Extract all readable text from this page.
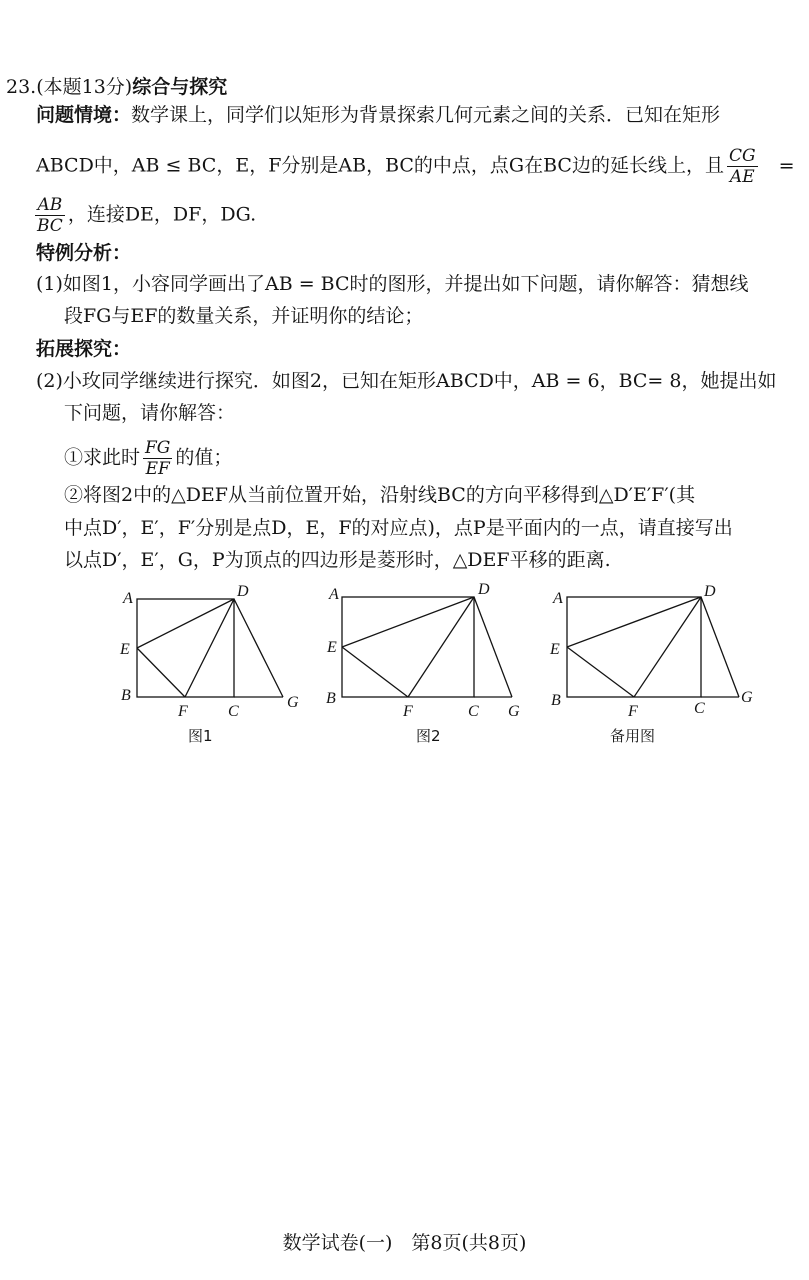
23.(本题13分)综合与探究
问题情境：数学课上，同学们以矩形为背景探索几何元素之间的关系．已知在矩形
ABCD中，AB ≤ BC，E，F分别是AB，BC的中点，点G在BC边的延长线上，且 $\frac{CG}{AE}$ =
$\frac{AB}{BC}$ ，连接DE，DF，DG.
特例分析：
(1)如图1，小容同学画出了AB = BC时的图形，并提出如下问题，请你解答：猜想线
段FG与EF的数量关系，并证明你的结论；
拓展探究：
(2)小玫同学继续进行探究．如图2，已知在矩形ABCD中，AB = 6，BC= 8，她提出如
下问题，请你解答：
①求此时 $\frac{FG}{EF}$ 的值；
②将图2中的△DEF从当前位置开始，沿射线BC的方向平移得到△D′E′F′(其
中点D′，E′，F′分别是点D，E，F的对应点)，点P是平面内的一点，请直接写出
以点D′，E′，G，P为顶点的四边形是菱形时，△DEF平移的距离.
A	D
E
B
F	C
G
图1
A	D
E
B
F	C G
图2
A	D
E
B
F	C
G
备用图
数学试卷(一)　第8页(共8页)
